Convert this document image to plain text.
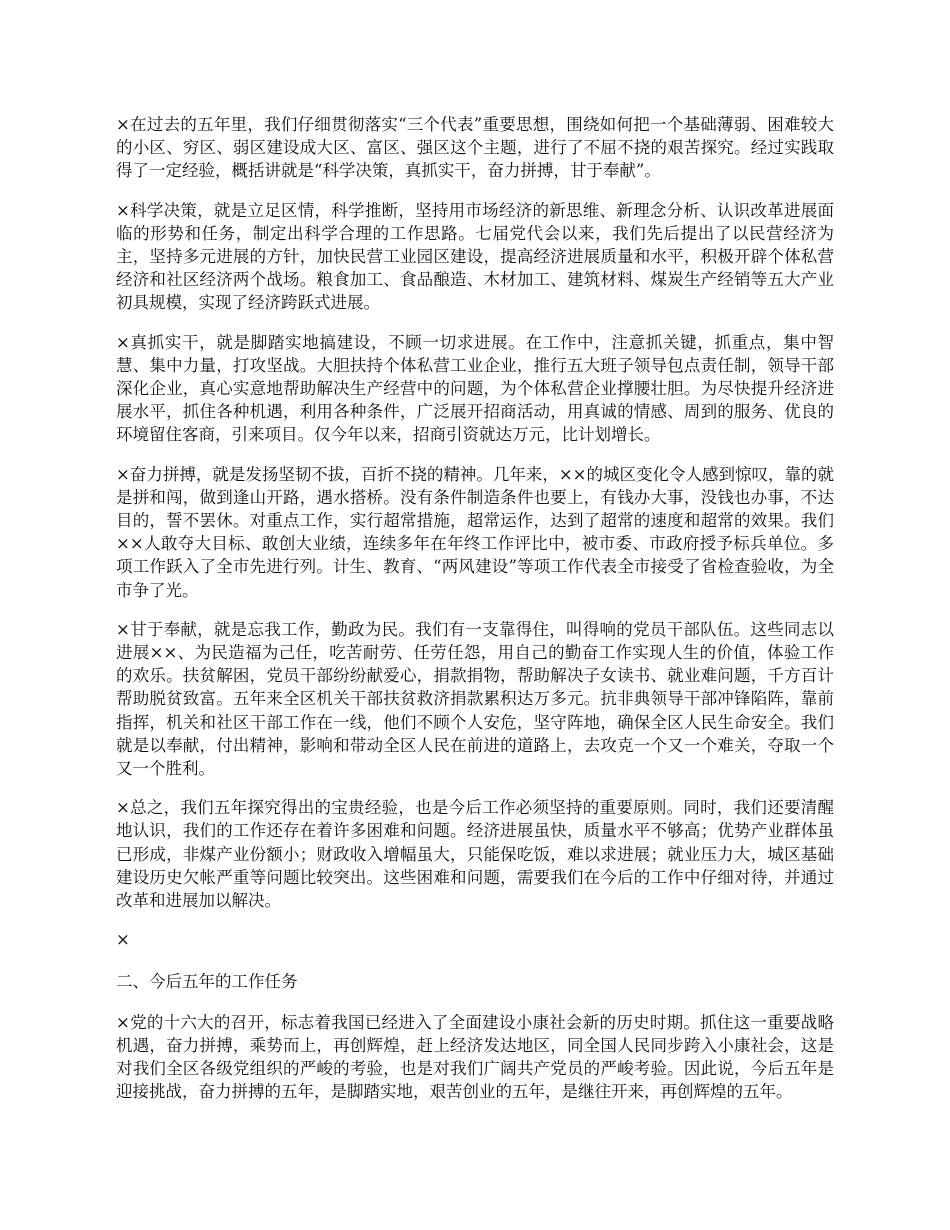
×在过去的五年里，我们仔细贯彻落实“三个代表”重要思想，围绕如何把一个基础薄弱、困难较大的小区、穷区、弱区建设成大区、富区、强区这个主题，进行了不屈不挠的艰苦探究。经过实践取得了一定经验，概括讲就是“科学决策，真抓实干，奋力拼搏，甘于奉献”。

×科学决策，就是立足区情，科学推断，坚持用市场经济的新思维、新理念分析、认识改革进展面临的形势和任务，制定出科学合理的工作思路。七届党代会以来，我们先后提出了以民营经济为主，坚持多元进展的方针，加快民营工业园区建设，提高经济进展质量和水平，积极开辟个体私营经济和社区经济两个战场。粮食加工、食品酿造、木材加工、建筑材料、煤炭生产经销等五大产业初具规模，实现了经济跨跃式进展。

×真抓实干，就是脚踏实地搞建设，不顾一切求进展。在工作中，注意抓关键，抓重点，集中智慧、集中力量，打攻坚战。大胆扶持个体私营工业企业，推行五大班子领导包点责任制，领导干部深化企业，真心实意地帮助解决生产经营中的问题，为个体私营企业撑腰壮胆。为尽快提升经济进展水平，抓住各种机遇，利用各种条件，广泛展开招商活动，用真诚的情感、周到的服务、优良的环境留住客商，引来项目。仅今年以来，招商引资就达万元，比计划增长。

×奋力拼搏，就是发扬坚韧不拔，百折不挠的精神。几年来，××的城区变化令人感到惊叹，靠的就是拼和闯，做到逢山开路，遇水搭桥。没有条件制造条件也要上，有钱办大事，没钱也办事，不达目的，誓不罢休。对重点工作，实行超常措施，超常运作，达到了超常的速度和超常的效果。我们××人敢夺大目标、敢创大业绩，连续多年在年终工作评比中，被市委、市政府授予标兵单位。多项工作跃入了全市先进行列。计生、教育、“两风建设”等项工作代表全市接受了省检查验收，为全市争了光。

×甘于奉献，就是忘我工作，勤政为民。我们有一支靠得住，叫得响的党员干部队伍。这些同志以进展××、为民造福为己任，吃苦耐劳、任劳任怨，用自己的勤奋工作实现人生的价值，体验工作的欢乐。扶贫解困，党员干部纷纷献爱心，捐款捐物，帮助解决子女读书、就业难问题，千方百计帮助脱贫致富。五年来全区机关干部扶贫救济捐款累积达万多元。抗非典领导干部冲锋陷阵，靠前指挥，机关和社区干部工作在一线，他们不顾个人安危，坚守阵地，确保全区人民生命安全。我们就是以奉献，付出精神，影响和带动全区人民在前进的道路上，去攻克一个又一个难关，夺取一个又一个胜利。

×总之，我们五年探究得出的宝贵经验，也是今后工作必须坚持的重要原则。同时，我们还要清醒地认识，我们的工作还存在着许多困难和问题。经济进展虽快，质量水平不够高；优势产业群体虽已形成，非煤产业份额小；财政收入增幅虽大，只能保吃饭，难以求进展；就业压力大，城区基础建设历史欠帐严重等问题比较突出。这些困难和问题，需要我们在今后的工作中仔细对待，并通过改革和进展加以解决。

×

二、今后五年的工作任务

×党的十六大的召开，标志着我国已经进入了全面建设小康社会新的历史时期。抓住这一重要战略机遇，奋力拼搏，乘势而上，再创辉煌，赶上经济发达地区，同全国人民同步跨入小康社会，这是对我们全区各级党组织的严峻的考验，也是对我们广阔共产党员的严峻考验。因此说，今后五年是迎接挑战，奋力拼搏的五年，是脚踏实地，艰苦创业的五年，是继往开来，再创辉煌的五年。
